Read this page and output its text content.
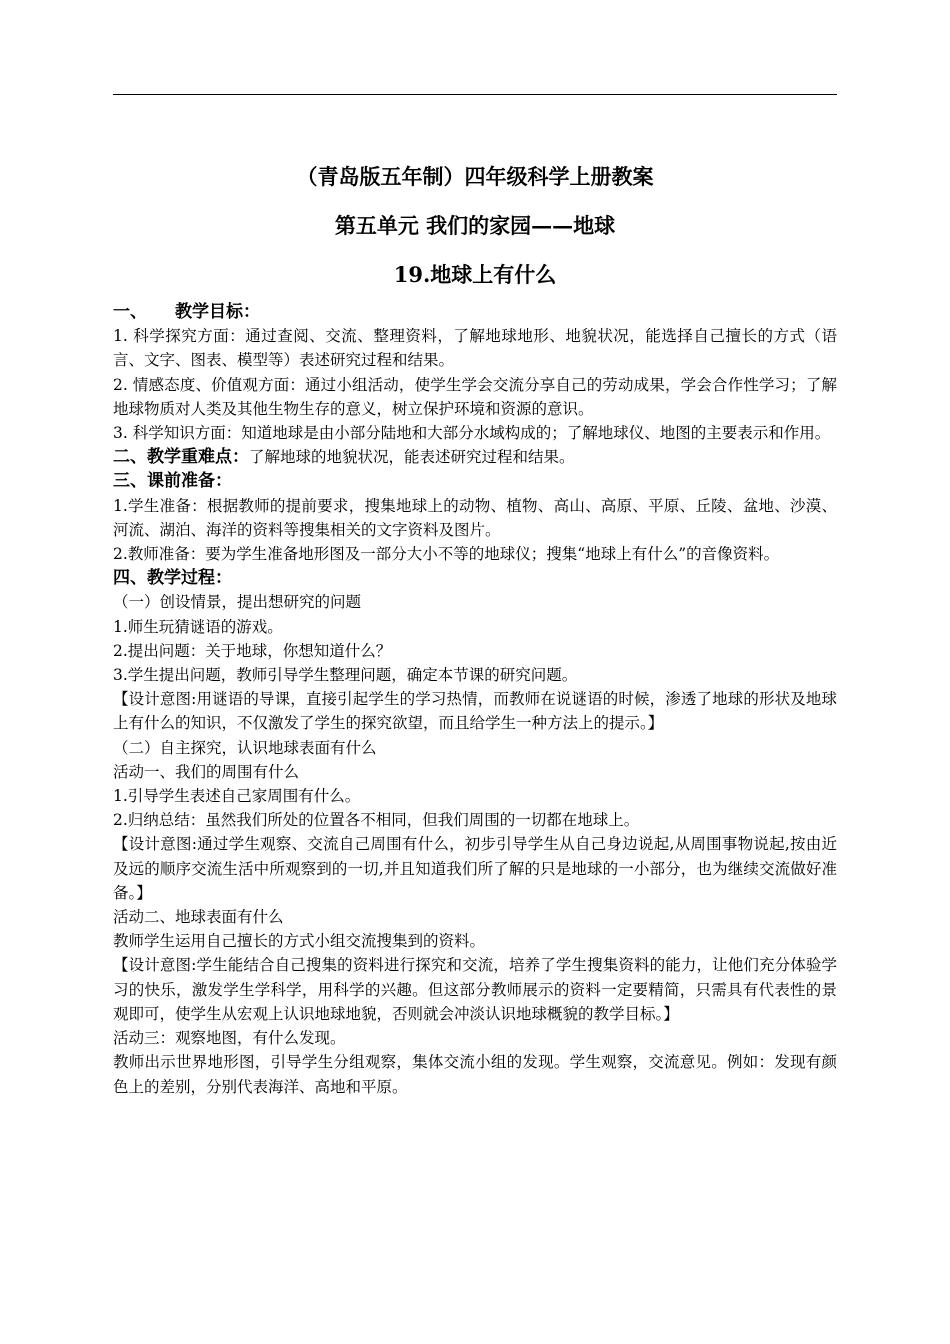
（青岛版五年制）四年级科学上册教案

第五单元 我们的家园——地球

19.地球上有什么

一、 教学目标：

1. 科学探究方面：通过查阅、交流、整理资料，了解地球地形、地貌状况，能选择自己擅长的方式（语言、文字、图表、模型等）表述研究过程和结果。

2. 情感态度、价值观方面：通过小组活动，使学生学会交流分享自己的劳动成果，学会合作性学习；了解地球物质对人类及其他生物生存的意义，树立保护环境和资源的意识。

3. 科学知识方面：知道地球是由小部分陆地和大部分水域构成的；了解地球仪、地图的主要表示和作用。

二、教学重难点：了解地球的地貌状况，能表述研究过程和结果。

三、课前准备：

1.学生准备：根据教师的提前要求，搜集地球上的动物、植物、高山、高原、平原、丘陵、盆地、沙漠、河流、湖泊、海洋的资料等搜集相关的文字资料及图片。

2.教师准备：要为学生准备地形图及一部分大小不等的地球仪；搜集“地球上有什么”的音像资料。

四、教学过程：

（一）创设情景，提出想研究的问题

1.师生玩猜谜语的游戏。

2.提出问题：关于地球，你想知道什么？

3.学生提出问题，教师引导学生整理问题，确定本节课的研究问题。

【设计意图:用谜语的导课，直接引起学生的学习热情，而教师在说谜语的时候，渗透了地球的形状及地球上有什么的知识，不仅激发了学生的探究欲望，而且给学生一种方法上的提示。】

（二）自主探究，认识地球表面有什么

活动一、我们的周围有什么

1.引导学生表述自己家周围有什么。

2.归纳总结：虽然我们所处的位置各不相同，但我们周围的一切都在地球上。

【设计意图:通过学生观察、交流自己周围有什么，初步引导学生从自己身边说起,从周围事物说起,按由近及远的顺序交流生活中所观察到的一切,并且知道我们所了解的只是地球的一小部分，也为继续交流做好准备。】

活动二、地球表面有什么

教师学生运用自己擅长的方式小组交流搜集到的资料。

【设计意图:学生能结合自己搜集的资料进行探究和交流，培养了学生搜集资料的能力，让他们充分体验学习的快乐，激发学生学科学，用科学的兴趣。但这部分教师展示的资料一定要精简，只需具有代表性的景观即可，使学生从宏观上认识地球地貌，否则就会冲淡认识地球概貌的教学目标。】

活动三：观察地图，有什么发现。

教师出示世界地形图，引导学生分组观察，集体交流小组的发现。学生观察，交流意见。例如：发现有颜色上的差别，分别代表海洋、高地和平原。
